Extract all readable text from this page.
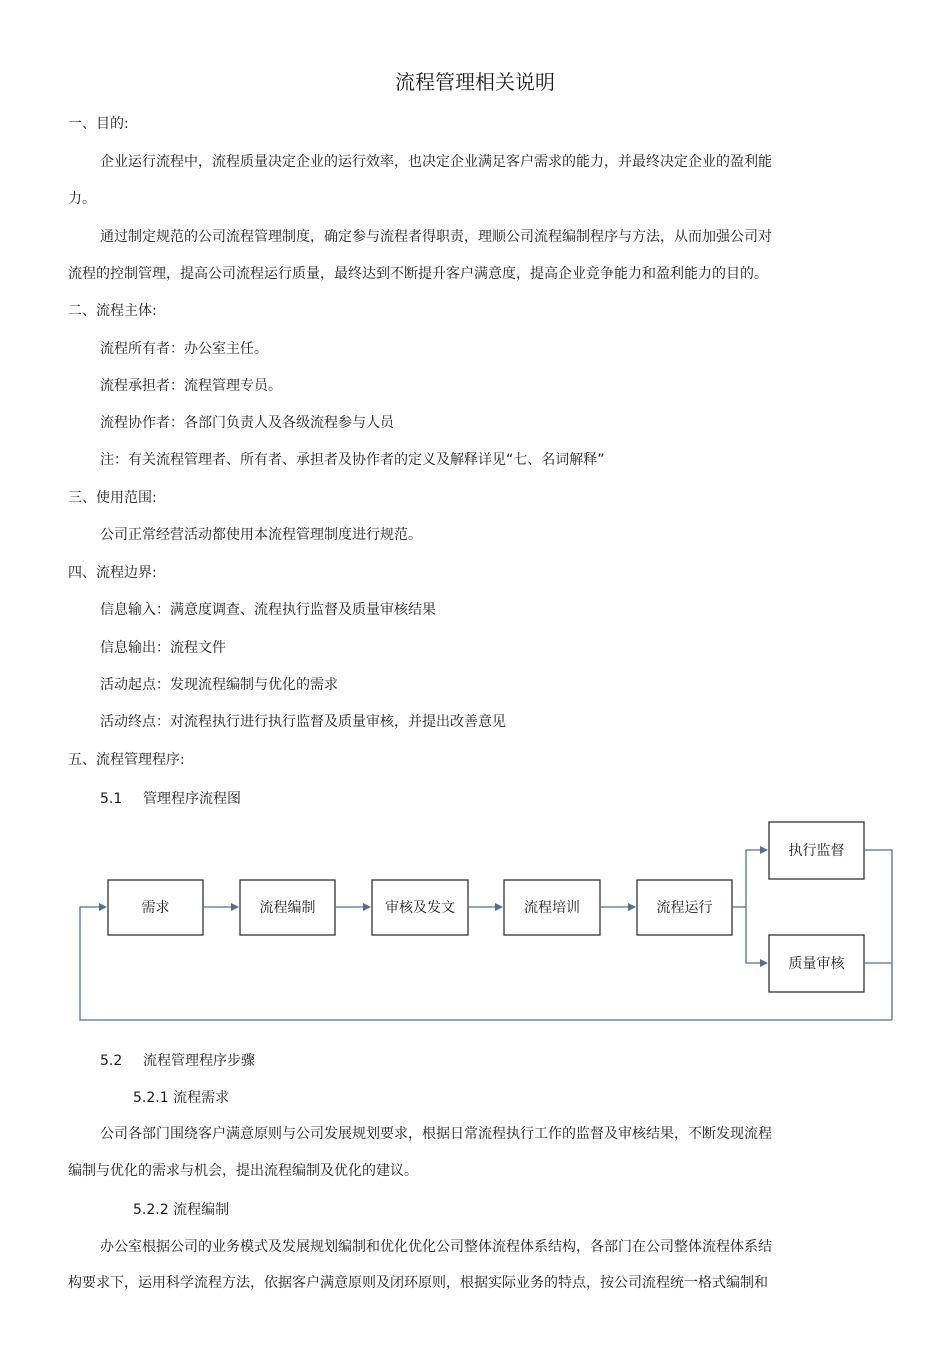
流程管理相关说明
一、目的:
企业运行流程中，流程质量决定企业的运行效率，也决定企业满足客户需求的能力，并最终决定企业的盈利能
力。
通过制定规范的公司流程管理制度，确定参与流程者得职责，理顺公司流程编制程序与方法，从而加强公司对
流程的控制管理，提高公司流程运行质量，最终达到不断提升客户满意度，提高企业竞争能力和盈利能力的目的。
二、流程主体:
流程所有者：办公室主任。
流程承担者：流程管理专员。
流程协作者：各部门负责人及各级流程参与人员
注：有关流程管理者、所有者、承担者及协作者的定义及解释详见“七、名词解释”
三、使用范围:
公司正常经营活动都使用本流程管理制度进行规范。
四、流程边界:
信息输入：满意度调查、流程执行监督及质量审核结果
信息输出：流程文件
活动起点：发现流程编制与优化的需求
活动终点：对流程执行进行执行监督及质量审核，并提出改善意见
五、流程管理程序:
5.1 管理程序流程图
需求	流程编制	审核及发文	流程培训	流程运行
执行监督
质量审核
5.2 流程管理程序步骤
5.2.1 流程需求
公司各部门围绕客户满意原则与公司发展规划要求，根据日常流程执行工作的监督及审核结果，不断发现流程
编制与优化的需求与机会，提出流程编制及优化的建议。
5.2.2 流程编制
办公室根据公司的业务模式及发展规划编制和优化优化公司整体流程体系结构，各部门在公司整体流程体系结
构要求下，运用科学流程方法，依据客户满意原则及闭环原则，根据实际业务的特点，按公司流程统一格式编制和
